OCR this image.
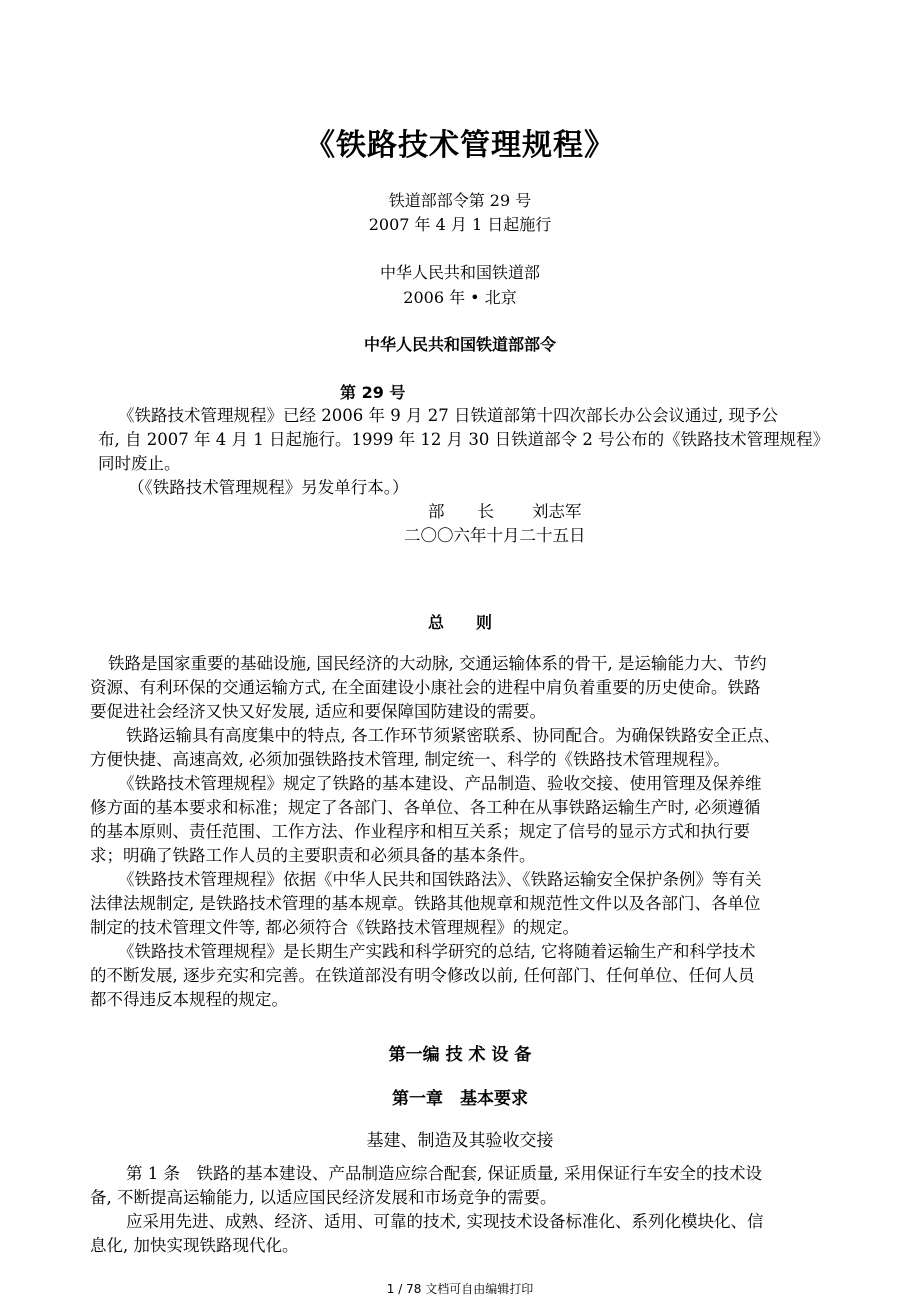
《铁路技术管理规程》
铁道部部令第 29 号
2007 年 4 月 1 日起施行
中华人民共和国铁道部
2006 年 • 北京
中华人民共和国铁道部部令
第 29 号
《铁路技术管理规程》已经 2006 年 9 月 27 日铁道部第十四次部长办公会议通过, 现予公
布, 自 2007 年 4 月 1 日起施行。1999 年 12 月 30 日铁道部令 2 号公布的《铁路技术管理规程》
同时废止。
（《铁路技术管理规程》另发单行本。）
部　　长 刘志军
二〇〇六年十月二十五日
总　　则
铁路是国家重要的基础设施, 国民经济的大动脉, 交通运输体系的骨干, 是运输能力大、节约
资源、有利环保的交通运输方式, 在全面建设小康社会的进程中肩负着重要的历史使命。铁路
要促进社会经济又快又好发展, 适应和要保障国防建设的需要。
铁路运输具有高度集中的特点, 各工作环节须紧密联系、协同配合。为确保铁路安全正点、
方便快捷、高速高效, 必须加强铁路技术管理, 制定统一、科学的《铁路技术管理规程》。
《铁路技术管理规程》规定了铁路的基本建设、产品制造、验收交接、使用管理及保养维
修方面的基本要求和标准；规定了各部门、各单位、各工种在从事铁路运输生产时, 必须遵循
的基本原则、责任范围、工作方法、作业程序和相互关系；规定了信号的显示方式和执行要
求；明确了铁路工作人员的主要职责和必须具备的基本条件。
《铁路技术管理规程》依据《中华人民共和国铁路法》、《铁路运输安全保护条例》等有关
法律法规制定, 是铁路技术管理的基本规章。铁路其他规章和规范性文件以及各部门、各单位
制定的技术管理文件等, 都必须符合《铁路技术管理规程》的规定。
《铁路技术管理规程》是长期生产实践和科学研究的总结, 它将随着运输生产和科学技术
的不断发展, 逐步充实和完善。在铁道部没有明令修改以前, 任何部门、任何单位、任何人员
都不得违反本规程的规定。
第一编 技 术 设 备
第一章　基本要求
基建、制造及其验收交接
第 1 条　铁路的基本建设、产品制造应综合配套, 保证质量, 采用保证行车安全的技术设
备, 不断提高运输能力, 以适应国民经济发展和市场竞争的需要。
应采用先进、成熟、经济、适用、可靠的技术, 实现技术设备标准化、系列化模块化、信
息化, 加快实现铁路现代化。
1 / 78 文档可自由编辑打印
